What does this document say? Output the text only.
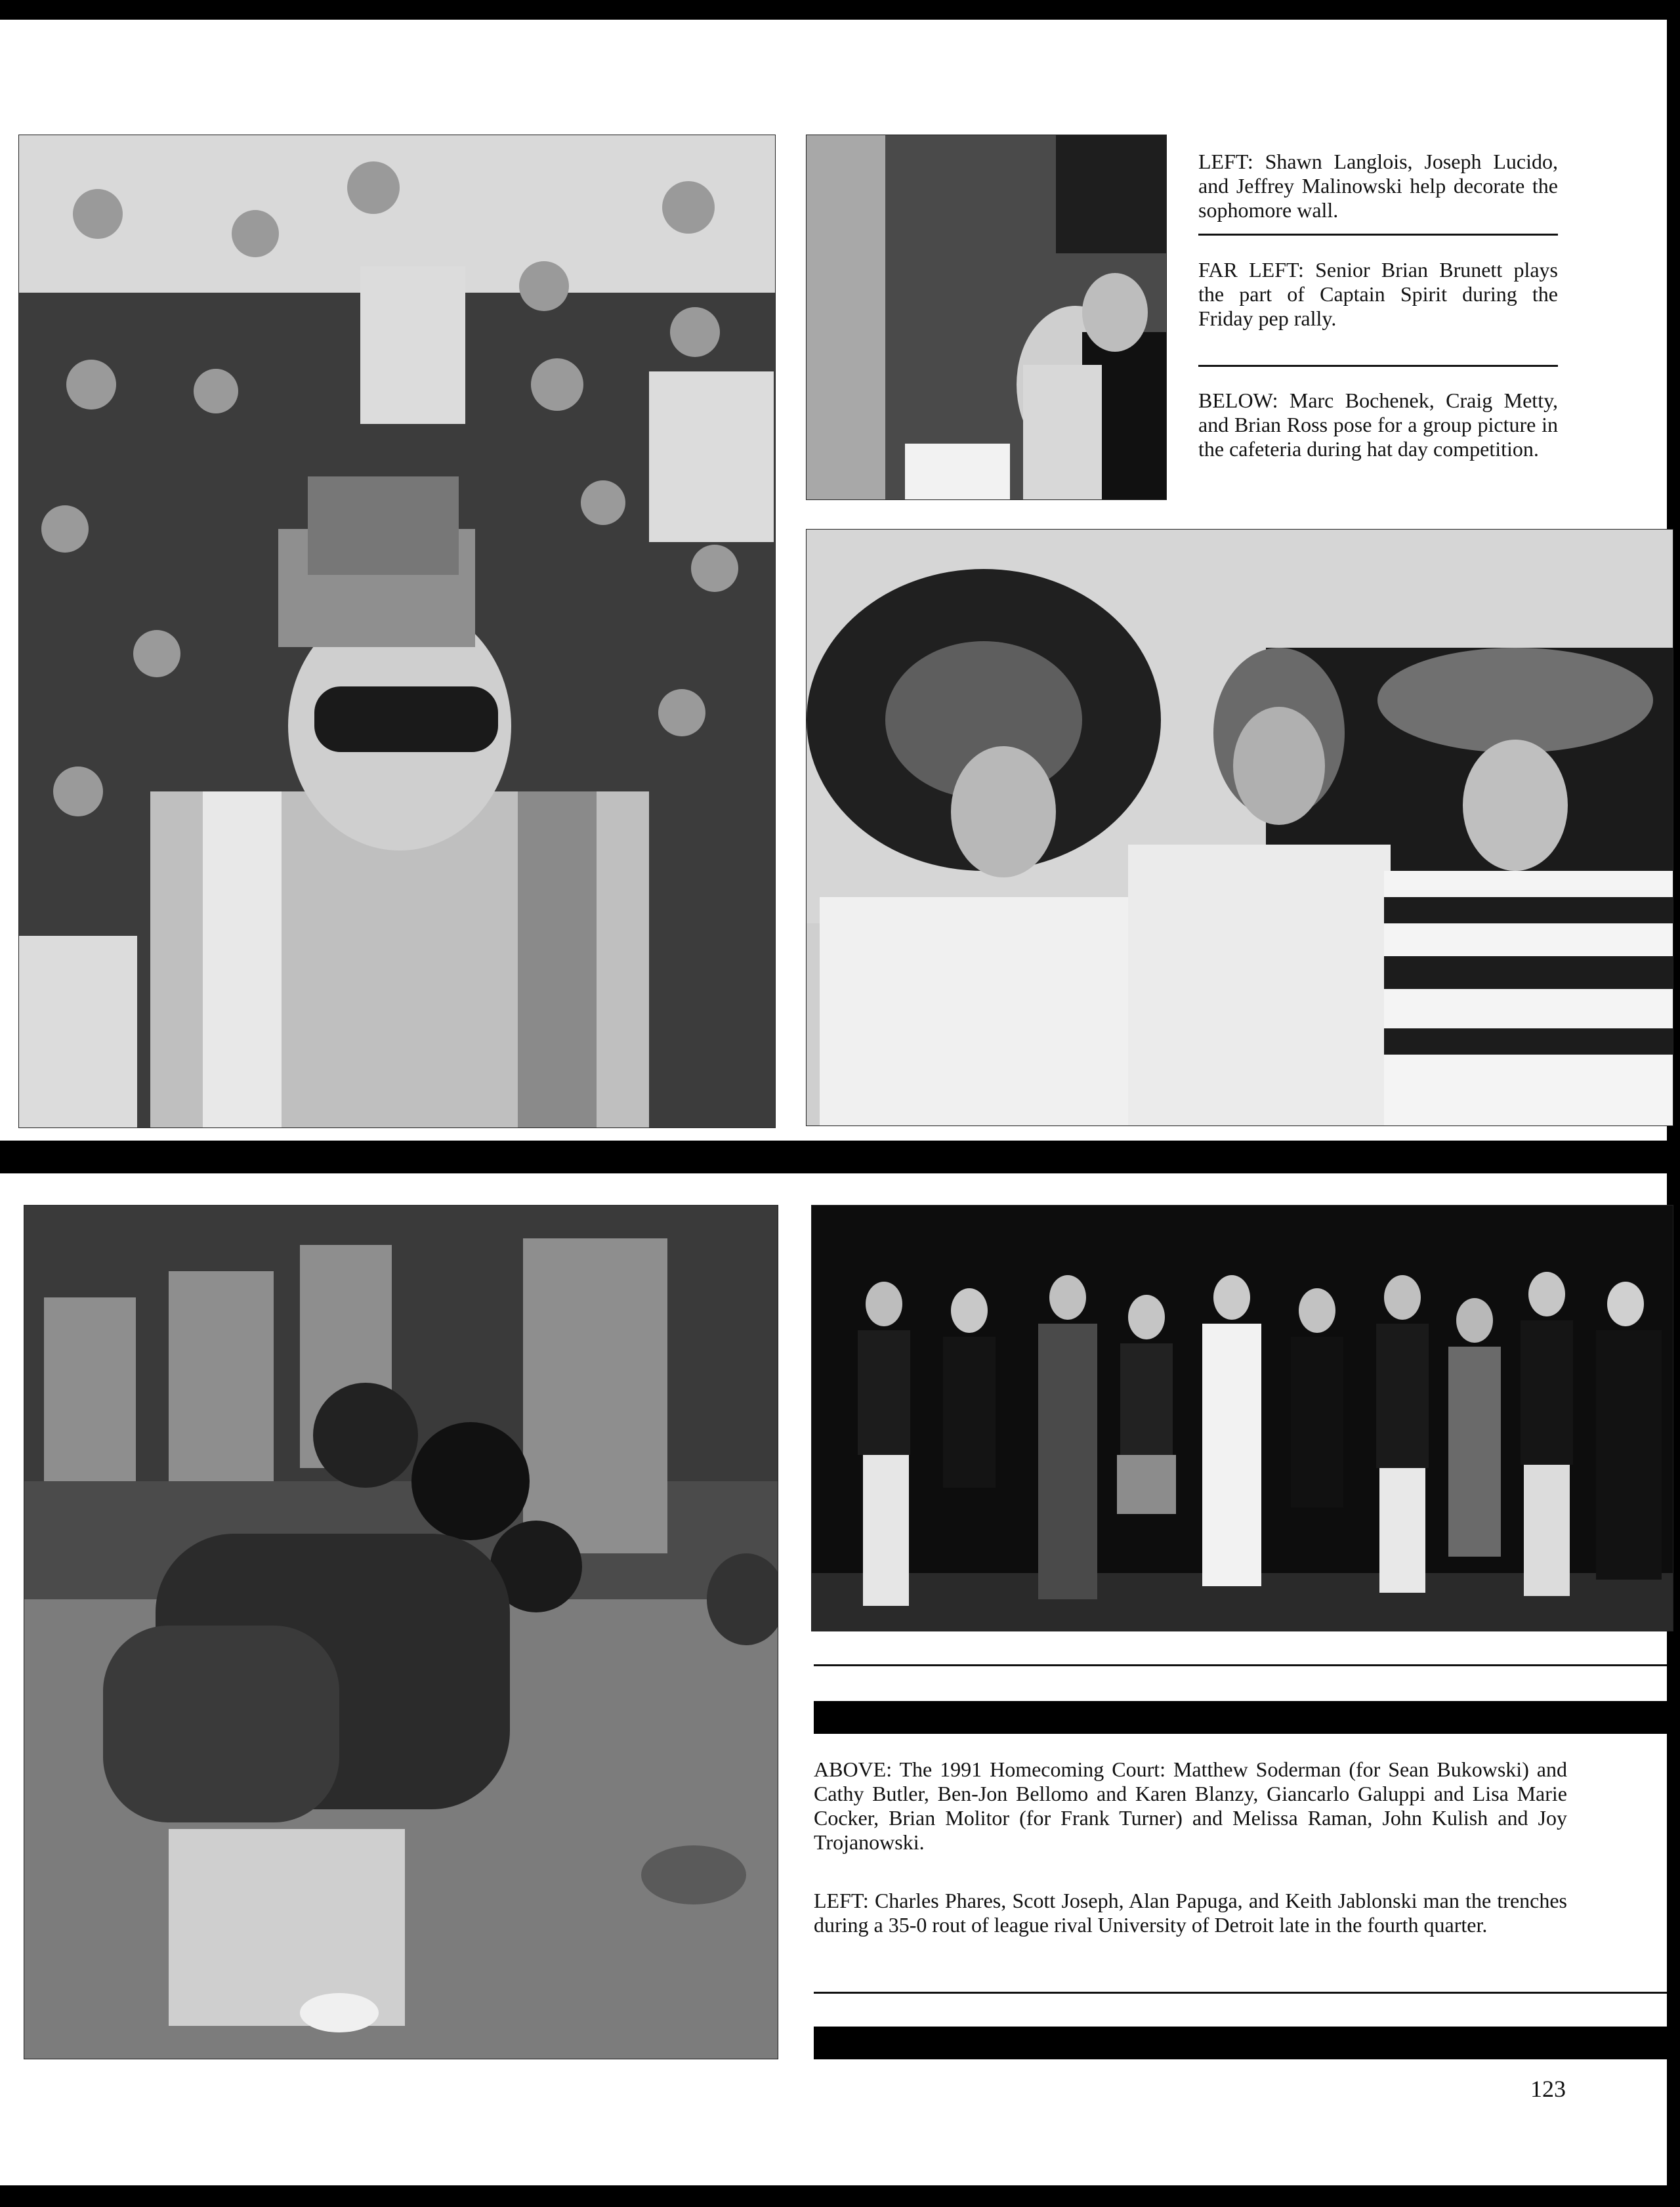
LEFT: Shawn Langlois, Joseph Lucido, and Jeffrey Malinowski help decorate the sophomore wall.
FAR LEFT: Senior Brian Brunett plays the part of Captain Spirit during the Friday pep rally.
BELOW: Marc Bochenek, Craig Metty, and Brian Ross pose for a group picture in the cafeteria during hat day competition.
ABOVE: The 1991 Homecoming Court: Matthew Soderman (for Sean Bukowski) and Cathy Butler, Ben-Jon Bellomo and Karen Blanzy, Giancarlo Galuppi and Lisa Marie Cocker, Brian Molitor (for Frank Turner) and Melissa Raman, John Kulish and Joy Trojanowski.
LEFT: Charles Phares, Scott Joseph, Alan Papuga, and Keith Jablonski man the trenches during a 35-0 rout of league rival University of Detroit late in the fourth quarter.
123
